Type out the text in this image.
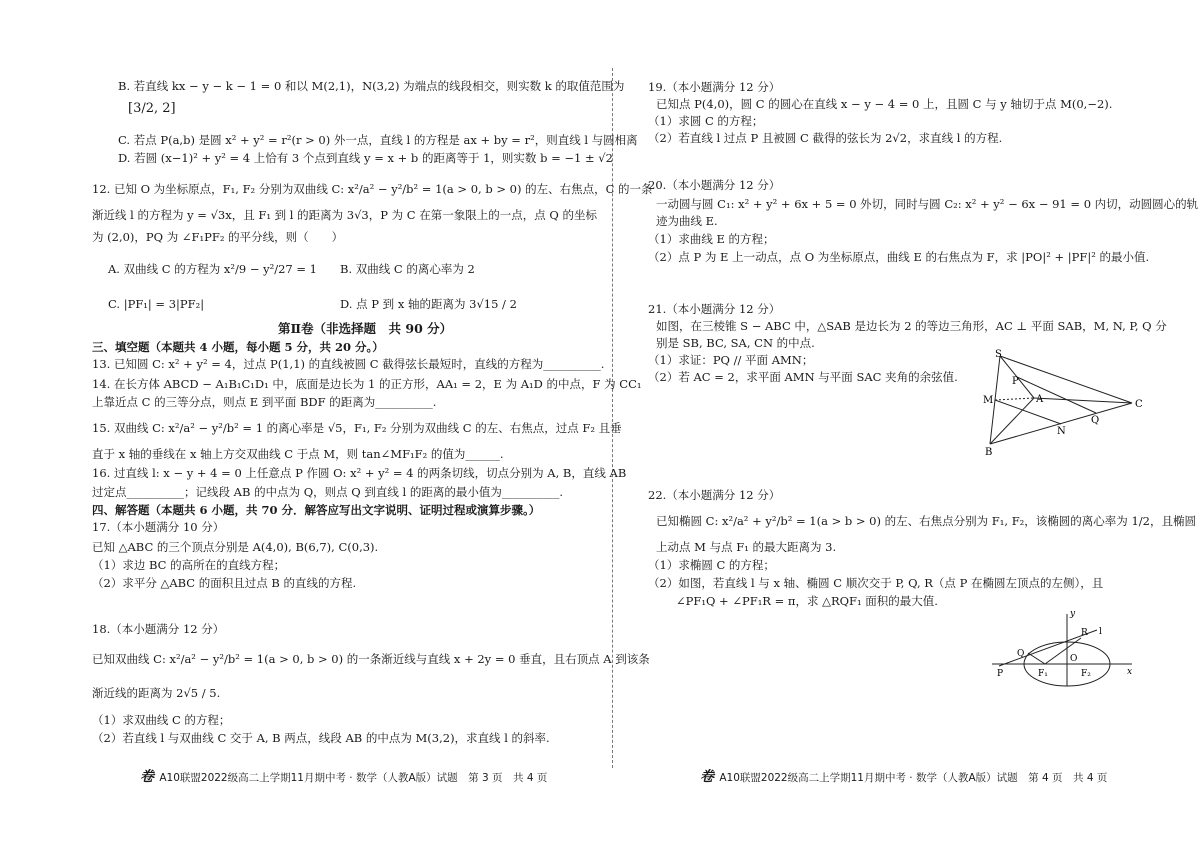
B. 若直线 kx − y − k − 1 = 0 和以 M(2,1)，N(3,2) 为端点的线段相交，则实数 k 的取值范围为
[3/2, 2]
C. 若点 P(a,b) 是圆 x² + y² = r²(r > 0) 外一点，直线 l 的方程是 ax + by = r²，则直线 l 与圆相离
D. 若圆 (x−1)² + y² = 4 上恰有 3 个点到直线 y = x + b 的距离等于 1，则实数 b = −1 ± √2
12. 已知 O 为坐标原点，F₁, F₂ 分别为双曲线 C: x²/a² − y²/b² = 1(a > 0, b > 0) 的左、右焦点，C 的一条
渐近线 l 的方程为 y = √3x，且 F₁ 到 l 的距离为 3√3，P 为 C 在第一象限上的一点，点 Q 的坐标
为 (2,0)，PQ 为 ∠F₁PF₂ 的平分线，则（　　）
A. 双曲线 C 的方程为 x²/9 − y²/27 = 1 B. 双曲线 C 的离心率为 2
C. |PF₁| = 3|PF₂|	D. 点 P 到 x 轴的距离为 3√15 / 2
第Ⅱ卷（非选择题　共 90 分）
三、填空题（本题共 4 小题，每小题 5 分，共 20 分。）
13. 已知圆 C: x² + y² = 4，过点 P(1,1) 的直线被圆 C 截得弦长最短时，直线的方程为__________.
14. 在长方体 ABCD − A₁B₁C₁D₁ 中，底面是边长为 1 的正方形，AA₁ = 2，E 为 A₁D 的中点，F 为 CC₁
上靠近点 C 的三等分点，则点 E 到平面 BDF 的距离为__________.
15. 双曲线 C: x²/a² − y²/b² = 1 的离心率是 √5，F₁, F₂ 分别为双曲线 C 的左、右焦点，过点 F₂ 且垂
直于 x 轴的垂线在 x 轴上方交双曲线 C 于点 M，则 tan∠MF₁F₂ 的值为______.
16. 过直线 l: x − y + 4 = 0 上任意点 P 作圆 O: x² + y² = 4 的两条切线，切点分别为 A, B，直线 AB
过定点__________；记线段 AB 的中点为 Q，则点 Q 到直线 l 的距离的最小值为__________.
四、解答题（本题共 6 小题，共 70 分．解答应写出文字说明、证明过程或演算步骤。）
17.（本小题满分 10 分）
已知 △ABC 的三个顶点分别是 A(4,0), B(6,7), C(0,3).
（1）求边 BC 的高所在的直线方程；
（2）求平分 △ABC 的面积且过点 B 的直线的方程.
18.（本小题满分 12 分）
已知双曲线 C: x²/a² − y²/b² = 1(a > 0, b > 0) 的一条渐近线与直线 x + 2y = 0 垂直，且右顶点 A 到该条
渐近线的距离为 2√5 / 5.
（1）求双曲线 C 的方程；
（2）若直线 l 与双曲线 C 交于 A, B 两点，线段 AB 的中点为 M(3,2)，求直线 l 的斜率.
卷 A10联盟2022级高二上学期11月期中考 · 数学（人教A版）试题　第 3 页　共 4 页
19.（本小题满分 12 分）
已知点 P(4,0)，圆 C 的圆心在直线 x − y − 4 = 0 上，且圆 C 与 y 轴切于点 M(0,−2).
（1）求圆 C 的方程；
（2）若直线 l 过点 P 且被圆 C 截得的弦长为 2√2，求直线 l 的方程.
20.（本小题满分 12 分）
一动圆与圆 C₁: x² + y² + 6x + 5 = 0 外切，同时与圆 C₂: x² + y² − 6x − 91 = 0 内切，动圆圆心的轨
迹为曲线 E.
（1）求曲线 E 的方程；
（2）点 P 为 E 上一动点，点 O 为坐标原点，曲线 E 的右焦点为 F，求 |PO|² + |PF|² 的最小值.
21.（本小题满分 12 分）
如图，在三棱锥 S − ABC 中，△SAB 是边长为 2 的等边三角形，AC ⊥ 平面 SAB，M, N, P, Q 分
别是 SB, BC, SA, CN 的中点.
（1）求证：PQ // 平面 AMN；
（2）若 AC = 2，求平面 AMN 与平面 SAC 夹角的余弦值.
S
M
P
A
B
N
Q
C
22.（本小题满分 12 分）
已知椭圆 C: x²/a² + y²/b² = 1(a > b > 0) 的左、右焦点分别为 F₁, F₂，该椭圆的离心率为 1/2，且椭圆
上动点 M 与点 F₁ 的最大距离为 3.
（1）求椭圆 C 的方程；
（2）如图，若直线 l 与 x 轴、椭圆 C 顺次交于 P, Q, R（点 P 在椭圆左顶点的左侧），且
∠PF₁Q + ∠PF₁R = π，求 △RQF₁ 面积的最大值.
y
x
R l
Q	O
P	F₁	F₂
卷 A10联盟2022级高二上学期11月期中考 · 数学（人教A版）试题　第 4 页　共 4 页
